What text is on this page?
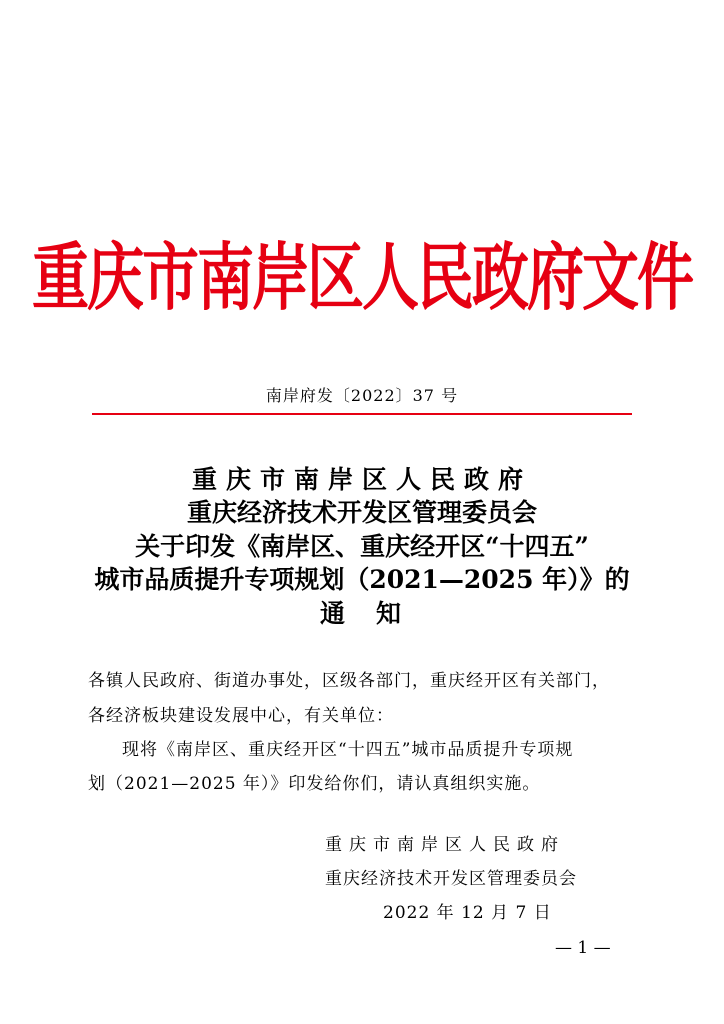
重庆市南岸区人民政府文件
南岸府发〔2022〕37 号
重庆市南岸区人民政府
重庆经济技术开发区管理委员会
关于印发《南岸区、重庆经开区“十四五”
城市品质提升专项规划（2021—2025 年）》的
通　知
各镇人民政府、街道办事处，区级各部门，重庆经开区有关部门，
各经济板块建设发展中心，有关单位：
现将《南岸区、重庆经开区“十四五”城市品质提升专项规
划（2021—2025 年）》印发给你们，请认真组织实施。
重庆市南岸区人民政府
重庆经济技术开发区管理委员会
2022 年 12 月 7 日
— 1 —
